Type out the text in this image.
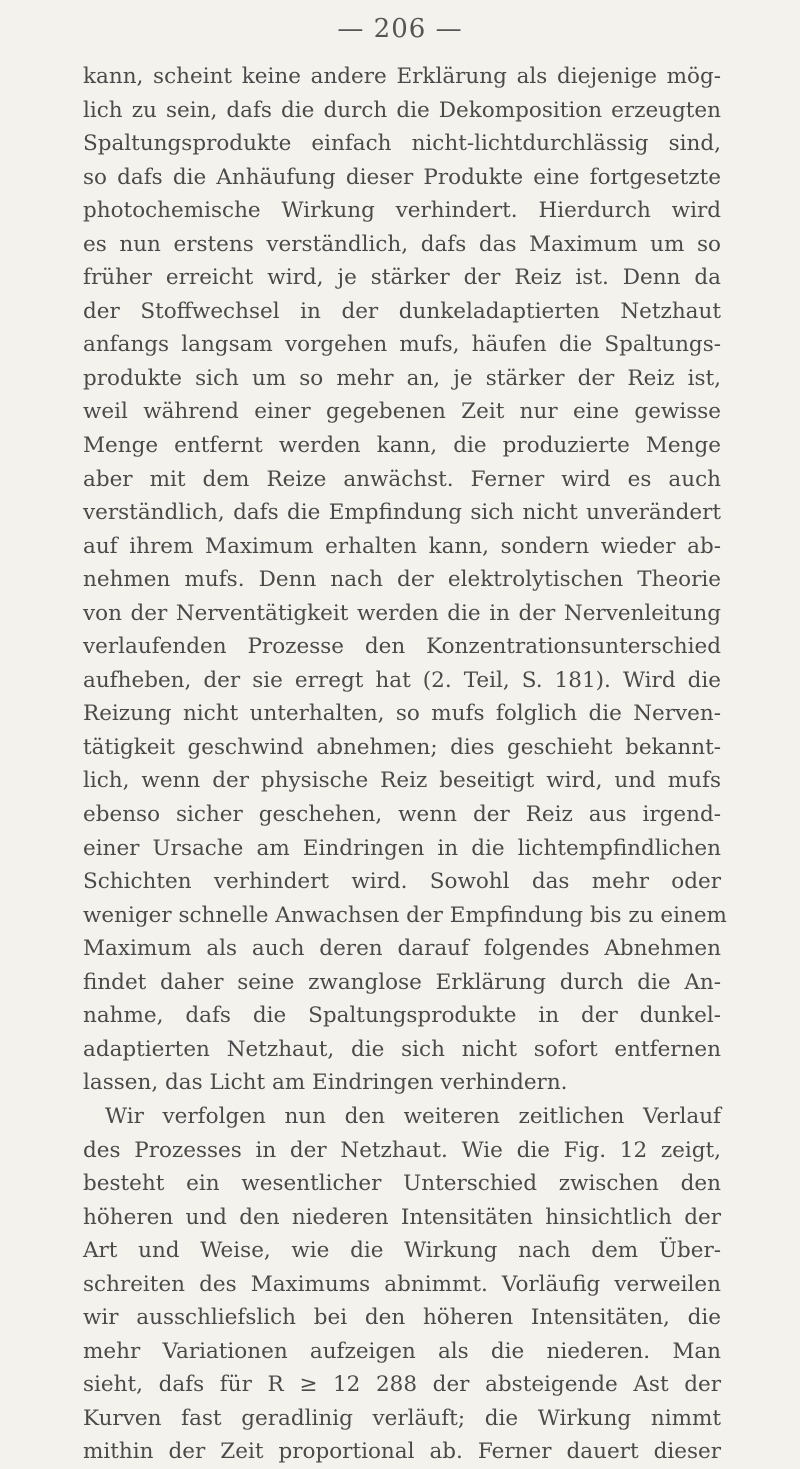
— 206 —
kann, scheint keine andere Erklärung als diejenige mög-
lich zu sein, dafs die durch die Dekomposition erzeugten
Spaltungsprodukte einfach nicht-lichtdurchlässig sind,
so dafs die Anhäufung dieser Produkte eine fortgesetzte
photochemische Wirkung verhindert. Hierdurch wird
es nun erstens verständlich, dafs das Maximum um so
früher erreicht wird, je stärker der Reiz ist. Denn da
der Stoffwechsel in der dunkeladaptierten Netzhaut
anfangs langsam vorgehen mufs, häufen die Spaltungs-
produkte sich um so mehr an, je stärker der Reiz ist,
weil während einer gegebenen Zeit nur eine gewisse
Menge entfernt werden kann, die produzierte Menge
aber mit dem Reize anwächst. Ferner wird es auch
verständlich, dafs die Empfindung sich nicht unverändert
auf ihrem Maximum erhalten kann, sondern wieder ab-
nehmen mufs. Denn nach der elektrolytischen Theorie
von der Nerventätigkeit werden die in der Nervenleitung
verlaufenden Prozesse den Konzentrationsunterschied
aufheben, der sie erregt hat (2. Teil, S. 181). Wird die
Reizung nicht unterhalten, so mufs folglich die Nerven-
tätigkeit geschwind abnehmen; dies geschieht bekannt-
lich, wenn der physische Reiz beseitigt wird, und mufs
ebenso sicher geschehen, wenn der Reiz aus irgend-
einer Ursache am Eindringen in die lichtempfindlichen
Schichten verhindert wird. Sowohl das mehr oder
weniger schnelle Anwachsen der Empfindung bis zu einem
Maximum als auch deren darauf folgendes Abnehmen
findet daher seine zwanglose Erklärung durch die An-
nahme, dafs die Spaltungsprodukte in der dunkel-
adaptierten Netzhaut, die sich nicht sofort entfernen
lassen, das Licht am Eindringen verhindern.
Wir verfolgen nun den weiteren zeitlichen Verlauf
des Prozesses in der Netzhaut. Wie die Fig. 12 zeigt,
besteht ein wesentlicher Unterschied zwischen den
höheren und den niederen Intensitäten hinsichtlich der
Art und Weise, wie die Wirkung nach dem Über-
schreiten des Maximums abnimmt. Vorläufig verweilen
wir ausschliefslich bei den höheren Intensitäten, die
mehr Variationen aufzeigen als die niederen. Man
sieht, dafs für R ≥ 12 288 der absteigende Ast der
Kurven fast geradlinig verläuft; die Wirkung nimmt
mithin der Zeit proportional ab. Ferner dauert dieser
